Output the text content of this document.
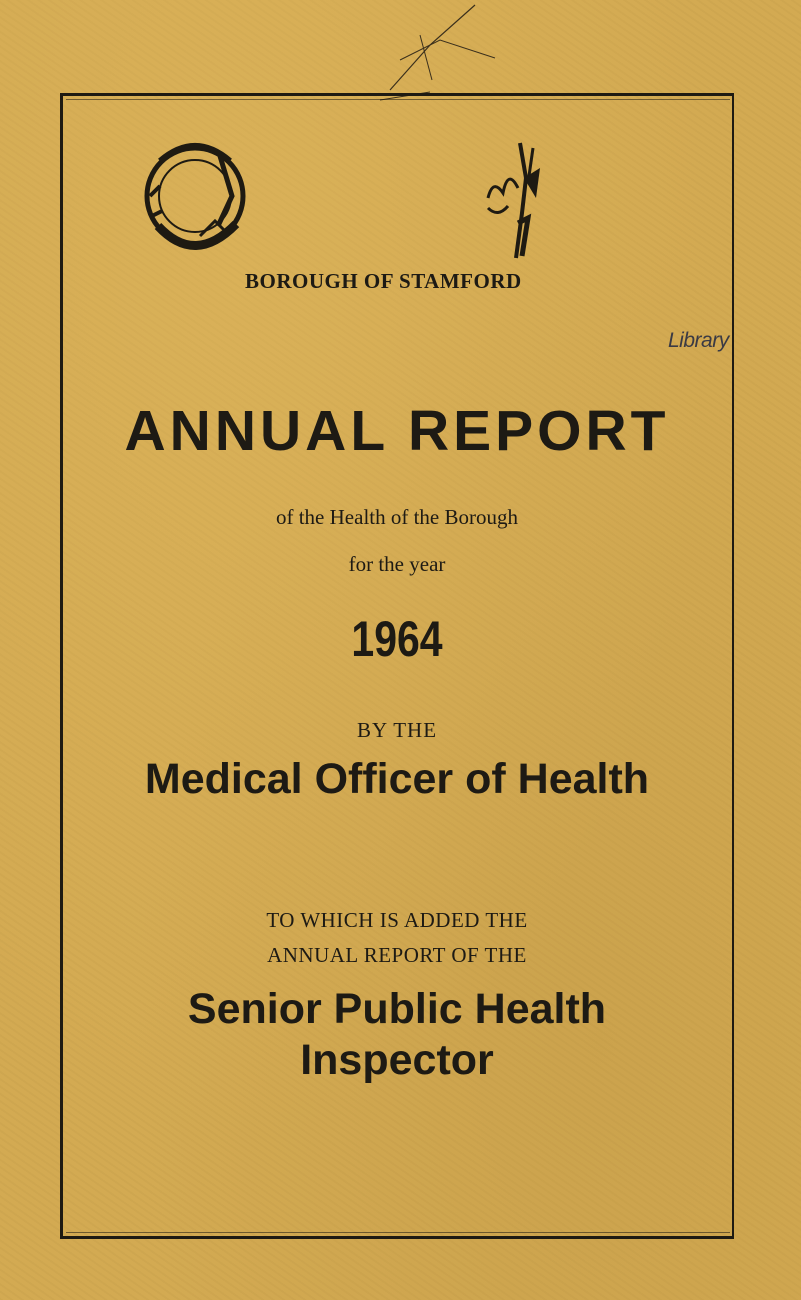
BOROUGH OF STAMFORD
Library
ANNUAL REPORT
of the Health of the Borough
for the year
1964
BY THE
Medical Officer of Health
TO WHICH IS ADDED THE
ANNUAL REPORT OF THE
Senior Public Health
Inspector
